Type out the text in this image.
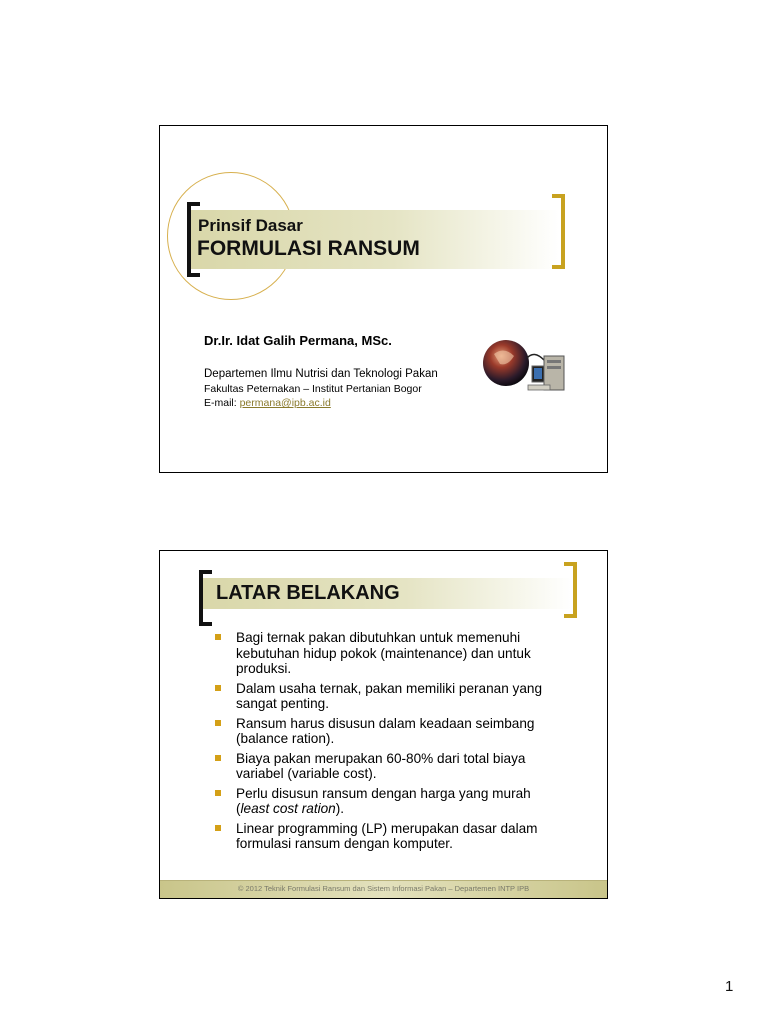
Prinsif Dasar
FORMULASI RANSUM
Dr.Ir. Idat Galih Permana, MSc.
Departemen Ilmu Nutrisi dan Teknologi Pakan
Fakultas Peternakan – Institut Pertanian Bogor
E-mail: permana@ipb.ac.id
LATAR BELAKANG
Bagi ternak pakan dibutuhkan untuk memenuhi kebutuhan hidup pokok (maintenance) dan untuk produksi.
Dalam usaha ternak, pakan memiliki peranan yang sangat penting.
Ransum harus disusun dalam keadaan seimbang (balance ration).
Biaya pakan merupakan 60-80% dari total biaya variabel (variable cost).
Perlu disusun ransum dengan harga yang murah (least cost ration).
Linear programming (LP) merupakan dasar dalam formulasi ransum dengan komputer.
© 2012 Teknik Formulasi Ransum dan Sistem Informasi Pakan – Departemen INTP IPB
1
